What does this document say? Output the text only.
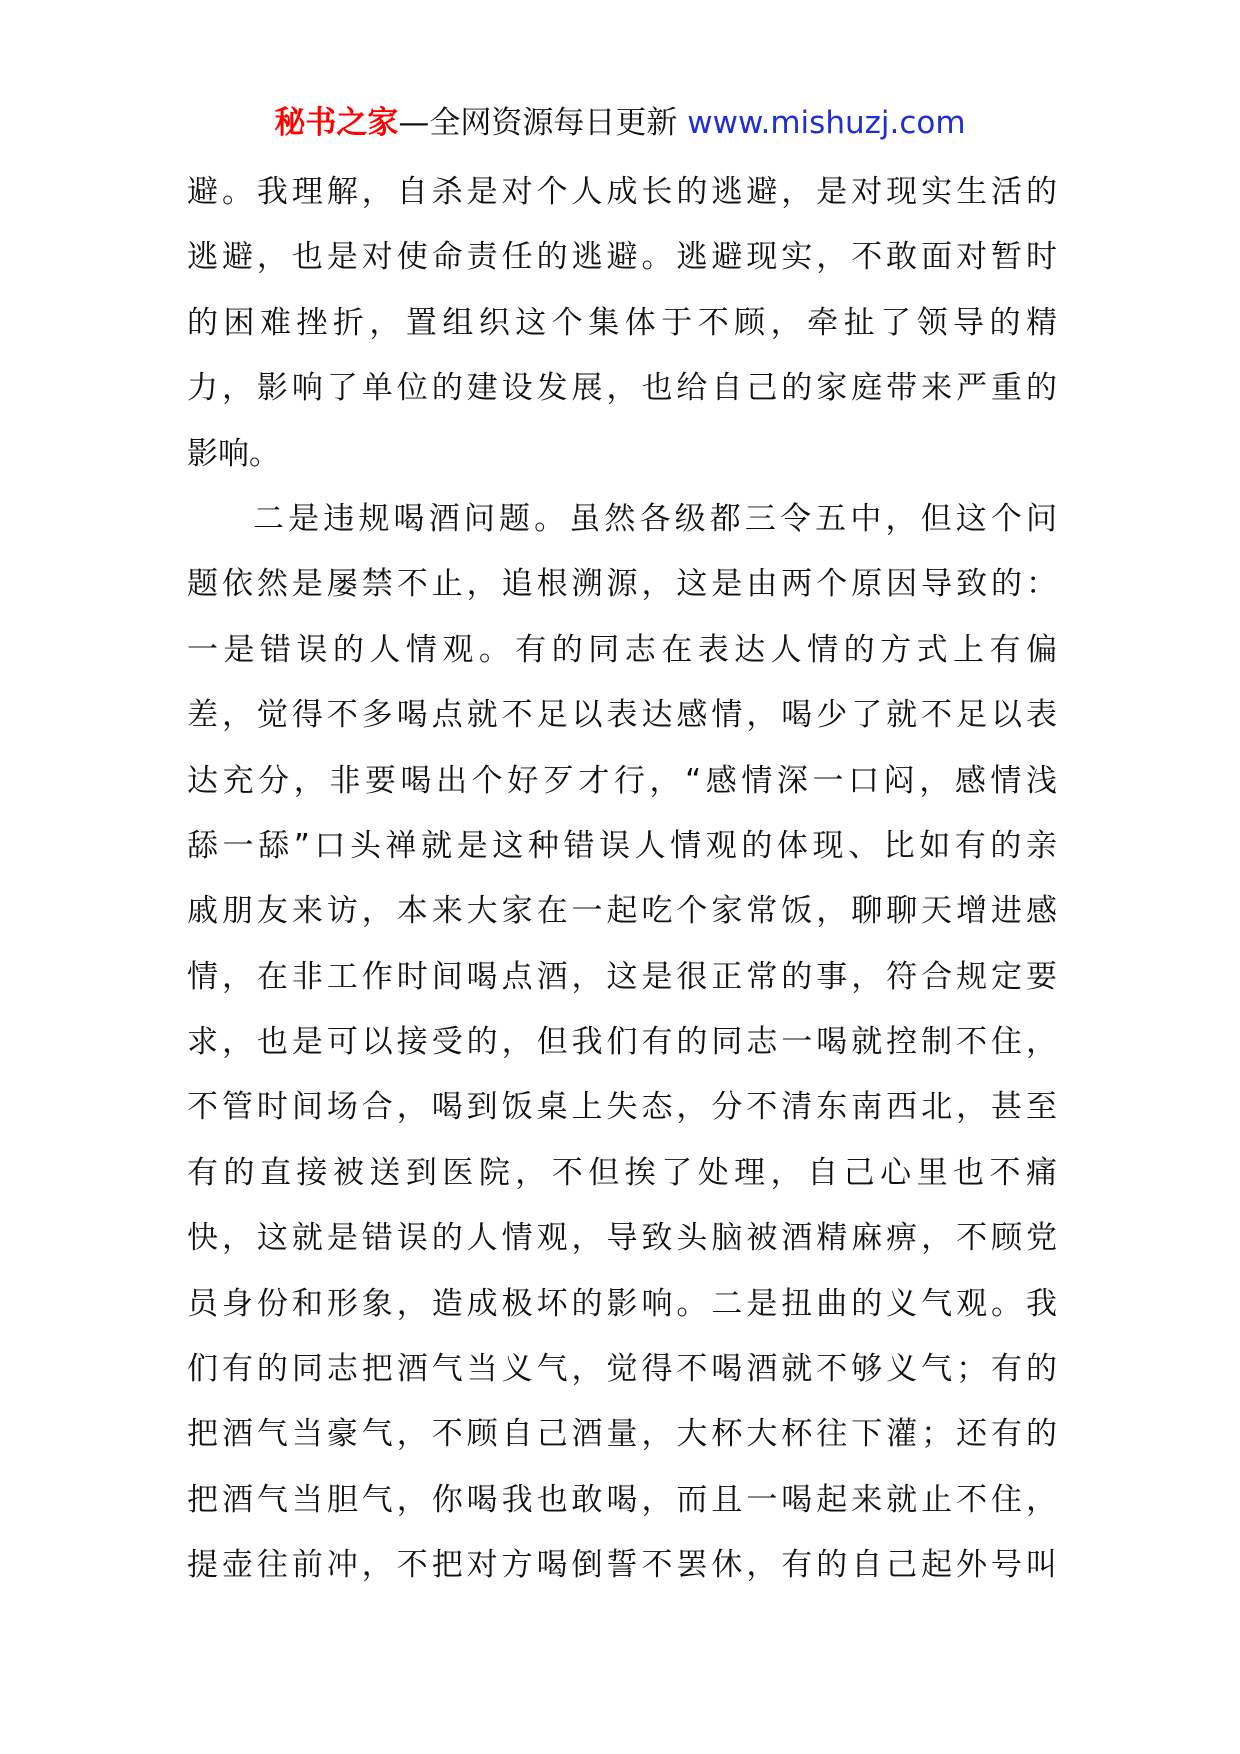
秘书之家—全网资源每日更新 www.mishuzj.com
避。我理解，自杀是对个人成长的逃避，是对现实生活的
逃避，也是对使命责任的逃避。逃避现实，不敢面对暂时
的困难挫折，置组织这个集体于不顾，牵扯了领导的精
力，影响了单位的建设发展，也给自己的家庭带来严重的
影响。
二是违规喝酒问题。虽然各级都三令五中，但这个问
题依然是屡禁不止，追根溯源，这是由两个原因导致的：
一是错误的人情观。有的同志在表达人情的方式上有偏
差，觉得不多喝点就不足以表达感情，喝少了就不足以表
达充分，非要喝出个好歹才行，“感情深一口闷，感情浅
舔一舔”口头禅就是这种错误人情观的体现、比如有的亲
戚朋友来访，本来大家在一起吃个家常饭，聊聊天增进感
情，在非工作时间喝点酒，这是很正常的事，符合规定要
求，也是可以接受的，但我们有的同志一喝就控制不住，
不管时间场合，喝到饭桌上失态，分不清东南西北，甚至
有的直接被送到医院，不但挨了处理，自己心里也不痛
快，这就是错误的人情观，导致头脑被酒精麻痹，不顾党
员身份和形象，造成极坏的影响。二是扭曲的义气观。我
们有的同志把酒气当义气，觉得不喝酒就不够义气；有的
把酒气当豪气，不顾自己酒量，大杯大杯往下灌；还有的
把酒气当胆气，你喝我也敢喝，而且一喝起来就止不住，
提壶往前冲，不把对方喝倒誓不罢休，有的自己起外号叫
